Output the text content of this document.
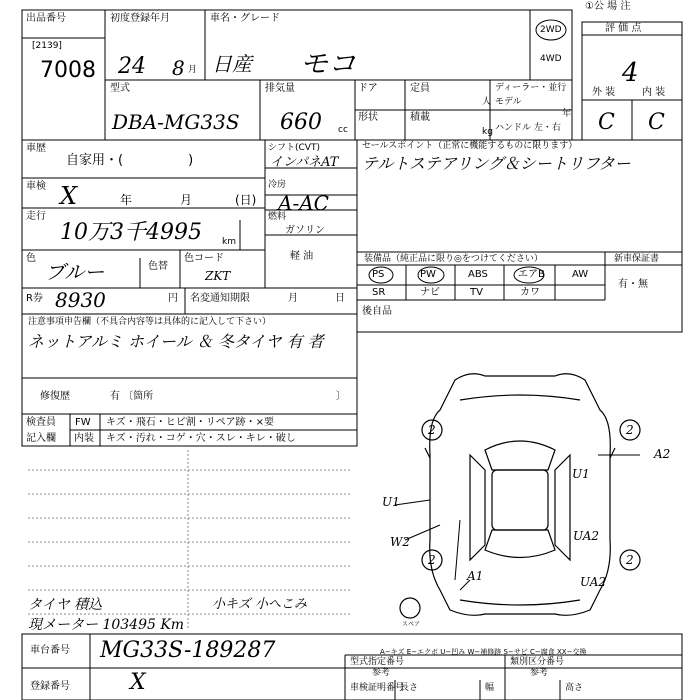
出品番号
[2139]
7008
初度登録年月
24 8 月
車名・グレード
日産 モコ
2WD
4WD
①公 場 注
評 価 点
4
外 装	内 装
C C
型式
DBA-MG33S
排気量
660 cc
ドア	定員
人
ディーラー・並行
モデル
年
形状	積載
kg ハンドル 左・右
車歴
自家用・(　　　　　)
車検 X	年	月	(日)
走行
10万3千4995 km
色
ブルー	色替
色コード
ZKT
シフト(CVT)
インパネAT
冷房
A-AC
燃料
ガソリン
軽 油
R券 8930	円 名変通知期限	月	日
セールスポイント（正常に機能するものに限ります）
テルトステアリング＆シートリフター
装備品（純正品に限り◎をつけてください）	新車保証書
有・無
PS	PW	ABS	エアB	AW
SR	ナビ	TV	カワ
後自品
注意事項申告欄（不具合内容等は具体的に記入して下さい）
ネットアルミ ホイール ＆ 冬タイヤ 有 者
修復歴	有 〔箇所	〕
検査員
記入欄
FW キズ・飛石・ヒビ割・リペア跡・×要
内装 キズ・汚れ・コゲ・穴・スレ・キレ・破し
タイヤ 積込
現メーター 103495 Km
小キズ 小へこみ
2	2
2	2
A2
U1
U1
W2	UA2
A1	UA2
スペア
A−キズ E−エクボ U−凹み W−補修跡 S−サビ C−腐食 XX−交換
車台番号 MG33S-189287
登録番号	X
型式指定番号
参考
類別区分番号
参考
車検証明番号
長さ	幅	高さ
